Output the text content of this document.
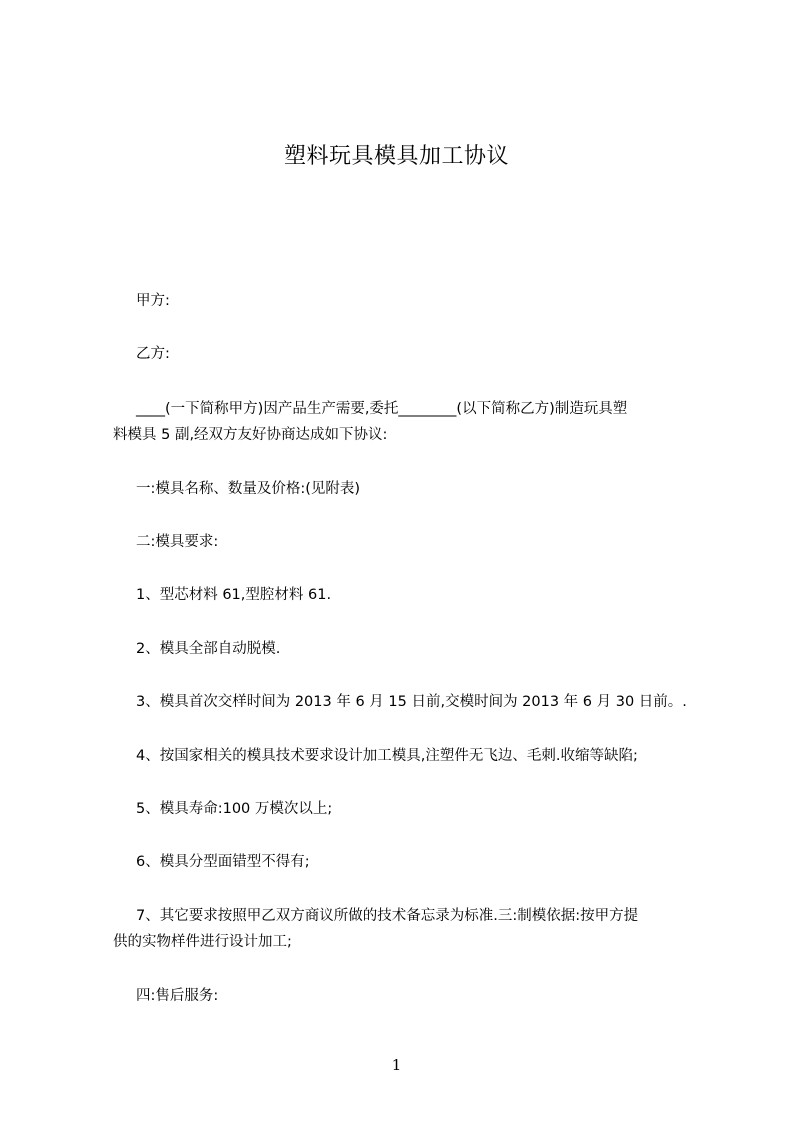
塑料玩具模具加工协议
甲方:
乙方:
____(一下简称甲方)因产品生产需要,委托________(以下简称乙方)制造玩具塑
料模具 5 副,经双方友好协商达成如下协议:
一:模具名称、数量及价格:(见附表)
二:模具要求:
1、型芯材料 61,型腔材料 61.
2、模具全部自动脱模.
3、模具首次交样时间为 2013 年 6 月 15 日前,交模时间为 2013 年 6 月 30 日前。.
4、按国家相关的模具技术要求设计加工模具,注塑件无飞边、毛刺.收缩等缺陷;
5、模具寿命:100 万模次以上;
6、模具分型面错型不得有;
7、其它要求按照甲乙双方商议所做的技术备忘录为标准.三:制模依据:按甲方提
供的实物样件进行设计加工;
四:售后服务:
1
